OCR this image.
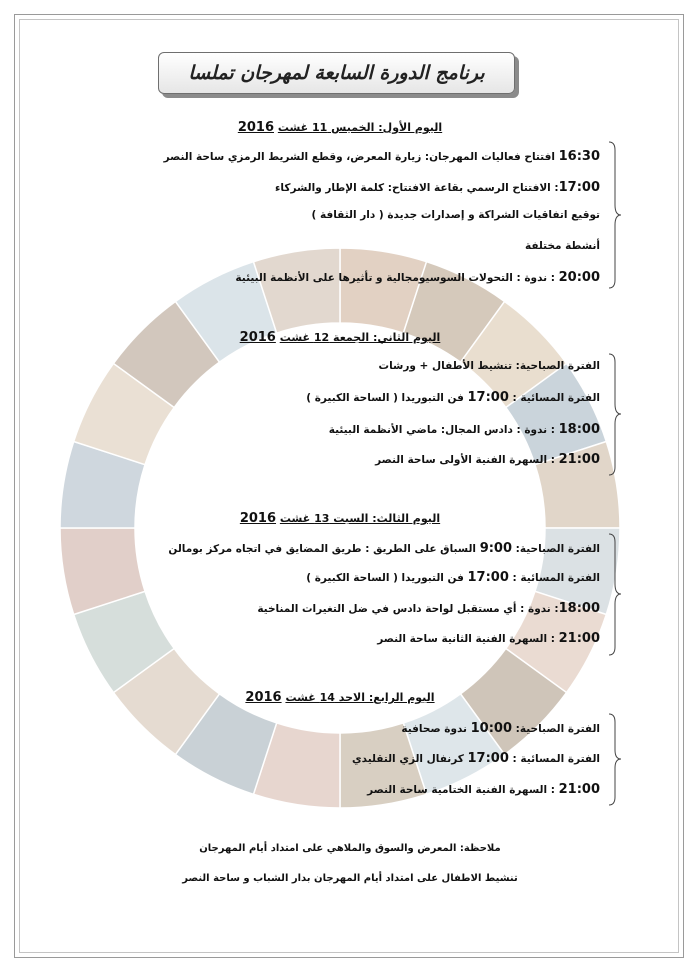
برنامج الدورة السابعة لمهرجان تملسا
اليوم الأول: الخميس 11 غشت 2016
16:30 افتتاح فعاليات المهرجان: زيارة المعرض، وقطع الشريط الرمزي ساحة النصر
17:00: الافتتاح الرسمي بقاعة الافتتاح: كلمة الإطار والشركاء
توقيع اتفاقيات الشراكة و إصدارات جديدة ( دار الثقافة )
أنشطة مختلفة
20:00 : ندوة : التحولات السوسيومجالية و تأثيرها على الأنظمة البيئية
اليوم الثاني: الجمعة 12 غشت 2016
الفترة الصباحية: تنشيط الأطفال + ورشات
الفترة المسائية : 17:00 فن التبوريدا ( الساحة الكبيرة )
18:00 : ندوة : دادس المجال: ماضي الأنظمة البيئية
21:00 : السهرة الفنية الأولى ساحة النصر
اليوم الثالث: السبت 13 غشت 2016
الفترة الصباحية: 9:00 السباق على الطريق : طريق المضايق في اتجاه مركز بومالن
الفترة المسائية : 17:00 فن التبوريدا ( الساحة الكبيرة )
18:00: ندوة : أي مستقبل لواحة دادس في ضل التغيرات المناخية
21:00 : السهرة الفنية الثانية ساحة النصر
اليوم الرابع: الاحد 14 غشت 2016
الفترة الصباحية: 10:00 ندوة صحافية
الفترة المسائية : 17:00 كرنفال الزي التقليدي
21:00 : السهرة الفنية الختامية ساحة النصر
ملاحظة: المعرض والسوق والملاهي على امتداد أيام المهرجان
تنشيط الاطفال على امتداد أيام المهرجان بدار الشباب و ساحة النصر
